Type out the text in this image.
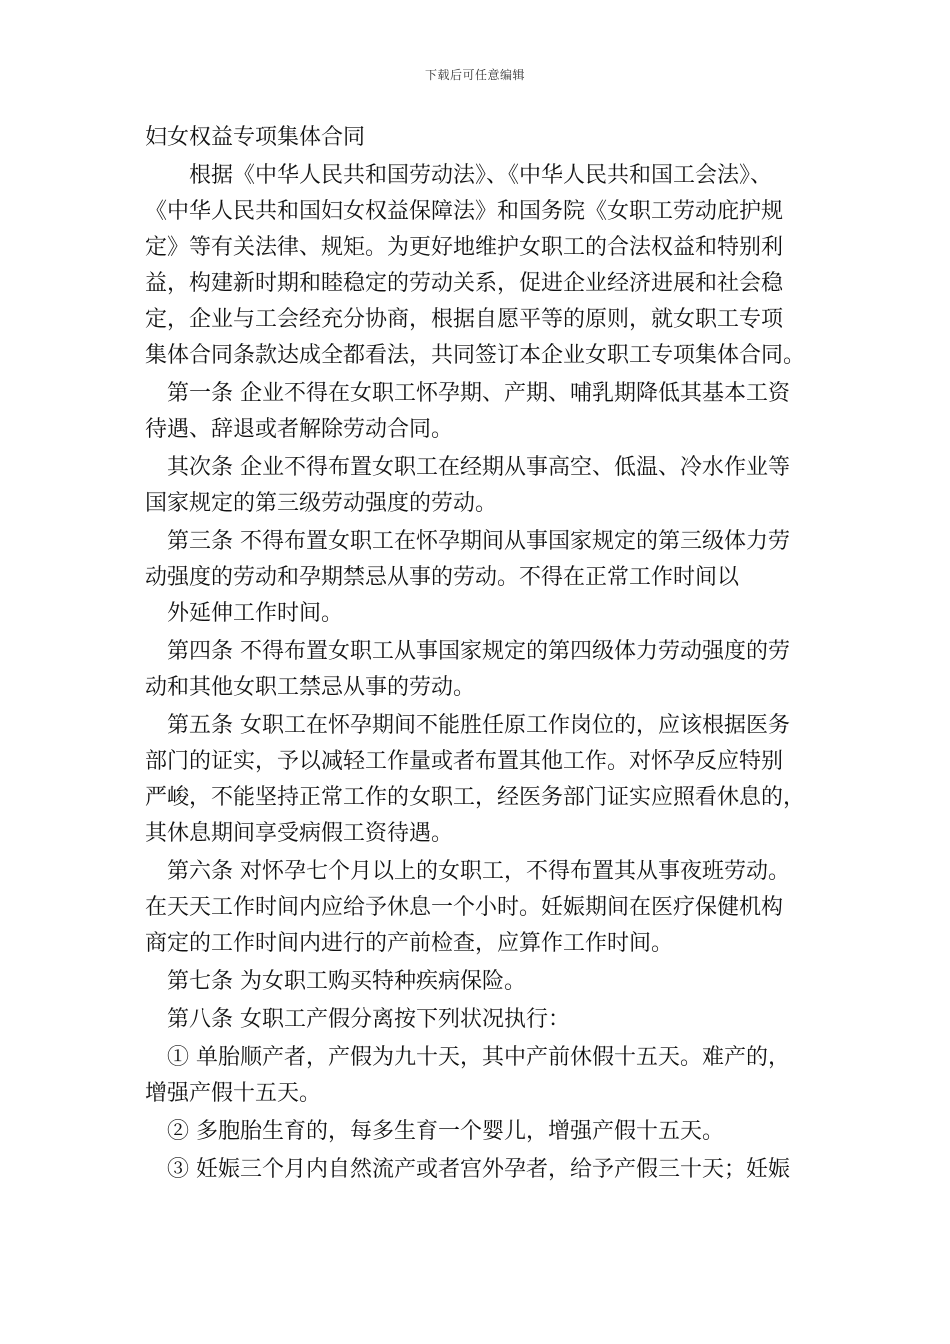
下载后可任意编辑
妇女权益专项集体合同
根据《中华人民共和国劳动法》、《中华人民共和国工会法》、
《中华人民共和国妇女权益保障法》和国务院《女职工劳动庇护规
定》等有关法律、规矩。为更好地维护女职工的合法权益和特别利
益，构建新时期和睦稳定的劳动关系，促进企业经济进展和社会稳
定，企业与工会经充分协商，根据自愿平等的原则，就女职工专项
集体合同条款达成全都看法，共同签订本企业女职工专项集体合同。
第一条 企业不得在女职工怀孕期、产期、哺乳期降低其基本工资
待遇、辞退或者解除劳动合同。
其次条 企业不得布置女职工在经期从事高空、低温、冷水作业等
国家规定的第三级劳动强度的劳动。
第三条 不得布置女职工在怀孕期间从事国家规定的第三级体力劳
动强度的劳动和孕期禁忌从事的劳动。不得在正常工作时间以
外延伸工作时间。
第四条 不得布置女职工从事国家规定的第四级体力劳动强度的劳
动和其他女职工禁忌从事的劳动。
第五条 女职工在怀孕期间不能胜任原工作岗位的，应该根据医务
部门的证实，予以减轻工作量或者布置其他工作。对怀孕反应特别
严峻，不能坚持正常工作的女职工，经医务部门证实应照看休息的，
其休息期间享受病假工资待遇。
第六条 对怀孕七个月以上的女职工，不得布置其从事夜班劳动。
在天天工作时间内应给予休息一个小时。妊娠期间在医疗保健机构
商定的工作时间内进行的产前检查，应算作工作时间。
第七条 为女职工购买特种疾病保险。
第八条 女职工产假分离按下列状况执行：
① 单胎顺产者，产假为九十天，其中产前休假十五天。难产的，
增强产假十五天。
② 多胞胎生育的，每多生育一个婴儿，增强产假十五天。
③ 妊娠三个月内自然流产或者宫外孕者，给予产假三十天；妊娠
